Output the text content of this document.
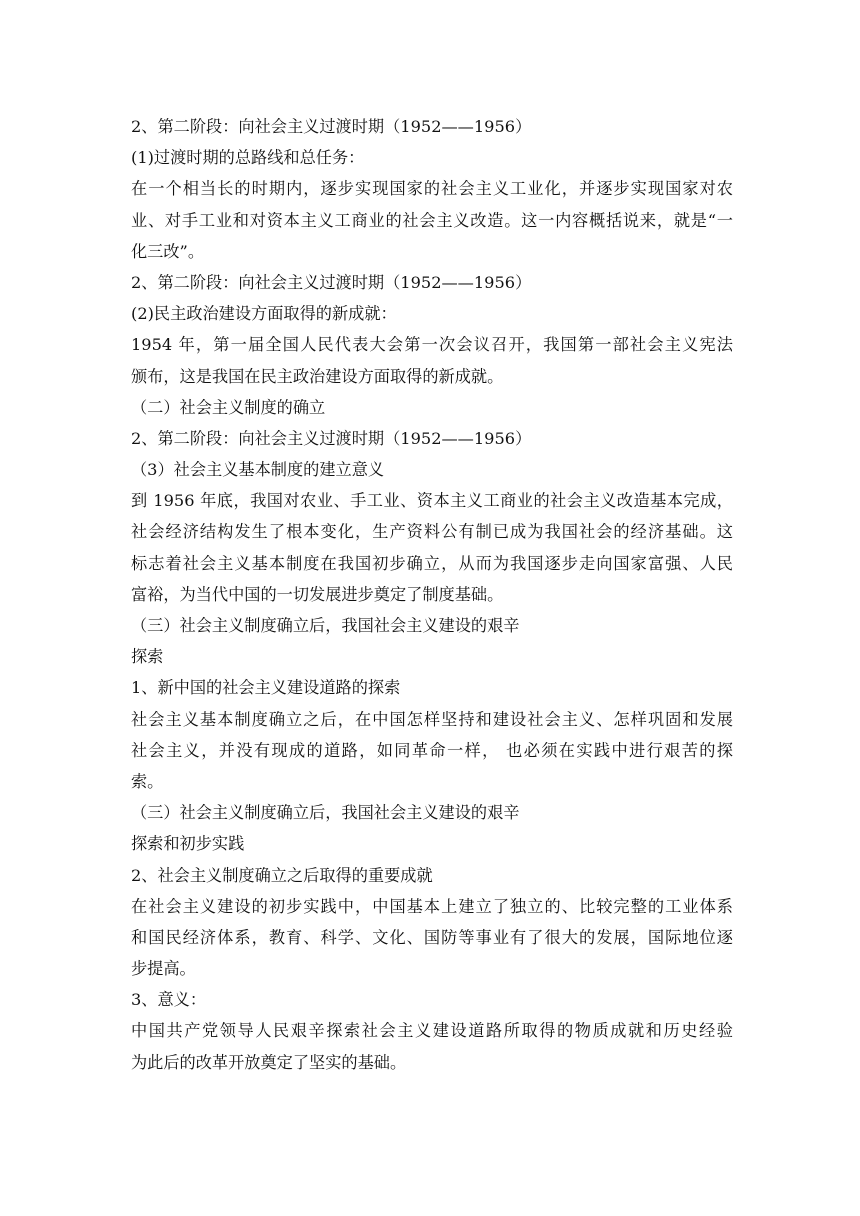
2、第二阶段：向社会主义过渡时期（1952——1956）
(1)过渡时期的总路线和总任务：
在一个相当长的时期内，逐步实现国家的社会主义工业化，并逐步实现国家对农
业、对手工业和对资本主义工商业的社会主义改造。这一内容概括说来，就是“一
化三改”。
2、第二阶段：向社会主义过渡时期（1952——1956）
(2)民主政治建设方面取得的新成就：
1954 年，第一届全国人民代表大会第一次会议召开，我国第一部社会主义宪法
颁布，这是我国在民主政治建设方面取得的新成就。
（二）社会主义制度的确立
2、第二阶段：向社会主义过渡时期（1952——1956）
（3）社会主义基本制度的建立意义
到 1956 年底，我国对农业、手工业、资本主义工商业的社会主义改造基本完成，
社会经济结构发生了根本变化，生产资料公有制已成为我国社会的经济基础。这
标志着社会主义基本制度在我国初步确立，从而为我国逐步走向国家富强、人民
富裕，为当代中国的一切发展进步奠定了制度基础。
（三）社会主义制度确立后，我国社会主义建设的艰辛
探索
1、新中国的社会主义建设道路的探索
社会主义基本制度确立之后，在中国怎样坚持和建设社会主义、怎样巩固和发展
社会主义，并没有现成的道路，如同革命一样， 也必须在实践中进行艰苦的探
索。
（三）社会主义制度确立后，我国社会主义建设的艰辛
探索和初步实践
2、社会主义制度确立之后取得的重要成就
在社会主义建设的初步实践中，中国基本上建立了独立的、比较完整的工业体系
和国民经济体系，教育、科学、文化、国防等事业有了很大的发展，国际地位逐
步提高。
3、意义：
中国共产党领导人民艰辛探索社会主义建设道路所取得的物质成就和历史经验
为此后的改革开放奠定了坚实的基础。
